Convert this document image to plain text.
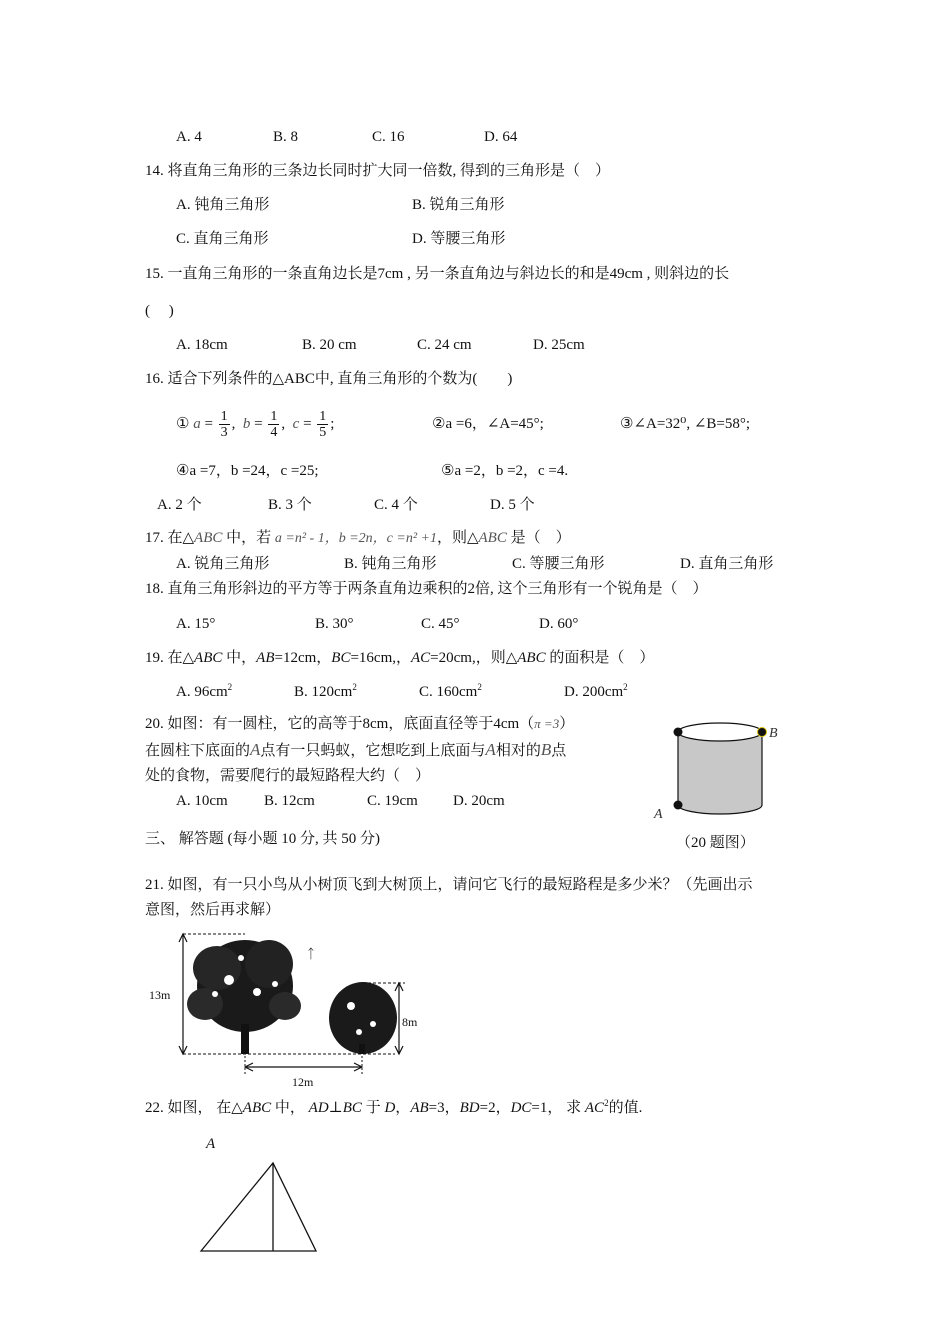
A. 4	B. 8	C. 16	D. 64
14. 将直角三角形的三条边长同时扩大同一倍数, 得到的三角形是（　）
A. 钝角三角形	B. 锐角三角形
C. 直角三角形	D. 等腰三角形
15. 一直角三角形的一条直角边长是7cm , 另一条直角边与斜边长的和是49cm , 则斜边的长
(　 )
A. 18cm	B. 20 cm	C. 24 cm	D. 25cm
16. 适合下列条件的△ABC中, 直角三角形的个数为(　　)
① $a = \frac{1}{3}$ ,  $b = \frac{1}{4}$ ,  $c = \frac{1}{5}$ ;	②a =6，∠A=45°;	③∠A=32⁰, ∠B=58°;
④a =7，b =24，c =25;	⑤a =2，b =2，c =4.
A. 2 个	B. 3 个	C. 4 个	D. 5 个
17. 在△ABC 中，若 a =n² - 1，b =2n，c =n² +1，则△ABC 是（　）
A. 锐角三角形	B. 钝角三角形	C. 等腰三角形	D. 直角三角形
18. 直角三角形斜边的平方等于两条直角边乘积的2倍, 这个三角形有一个锐角是（　）
A. 15°	B. 30°	C. 45°	D. 60°
19. 在△ABC 中，AB=12cm，BC=16cm,，AC=20cm,，则△ABC 的面积是（　）
A. $96cm^2$	B. $120cm^2$	C. $160cm^2$	D. $200cm^2$
20. 如图：有一圆柱，它的高等于8cm，底面直径等于4cm（π =3）
在圆柱下底面的A点有一只蚂蚁，它想吃到上底面与A相对的B点
处的食物，需要爬行的最短路程大约（　）
A. 10cm B. 12cm	C. 19cm D. 20cm
B
A
（20 题图）
三、 解答题 (每小题 10 分, 共 50 分)
21. 如图，有一只小鸟从小树顶飞到大树顶上，请问它飞行的最短路程是多少米？（先画出示
意图，然后再求解）
13m
ᛏ
8m
12m
22. 如图， 在△ABC 中， AD⊥BC 于 D，AB=3，BD=2，DC=1， 求 $AC^2$的值.
A
